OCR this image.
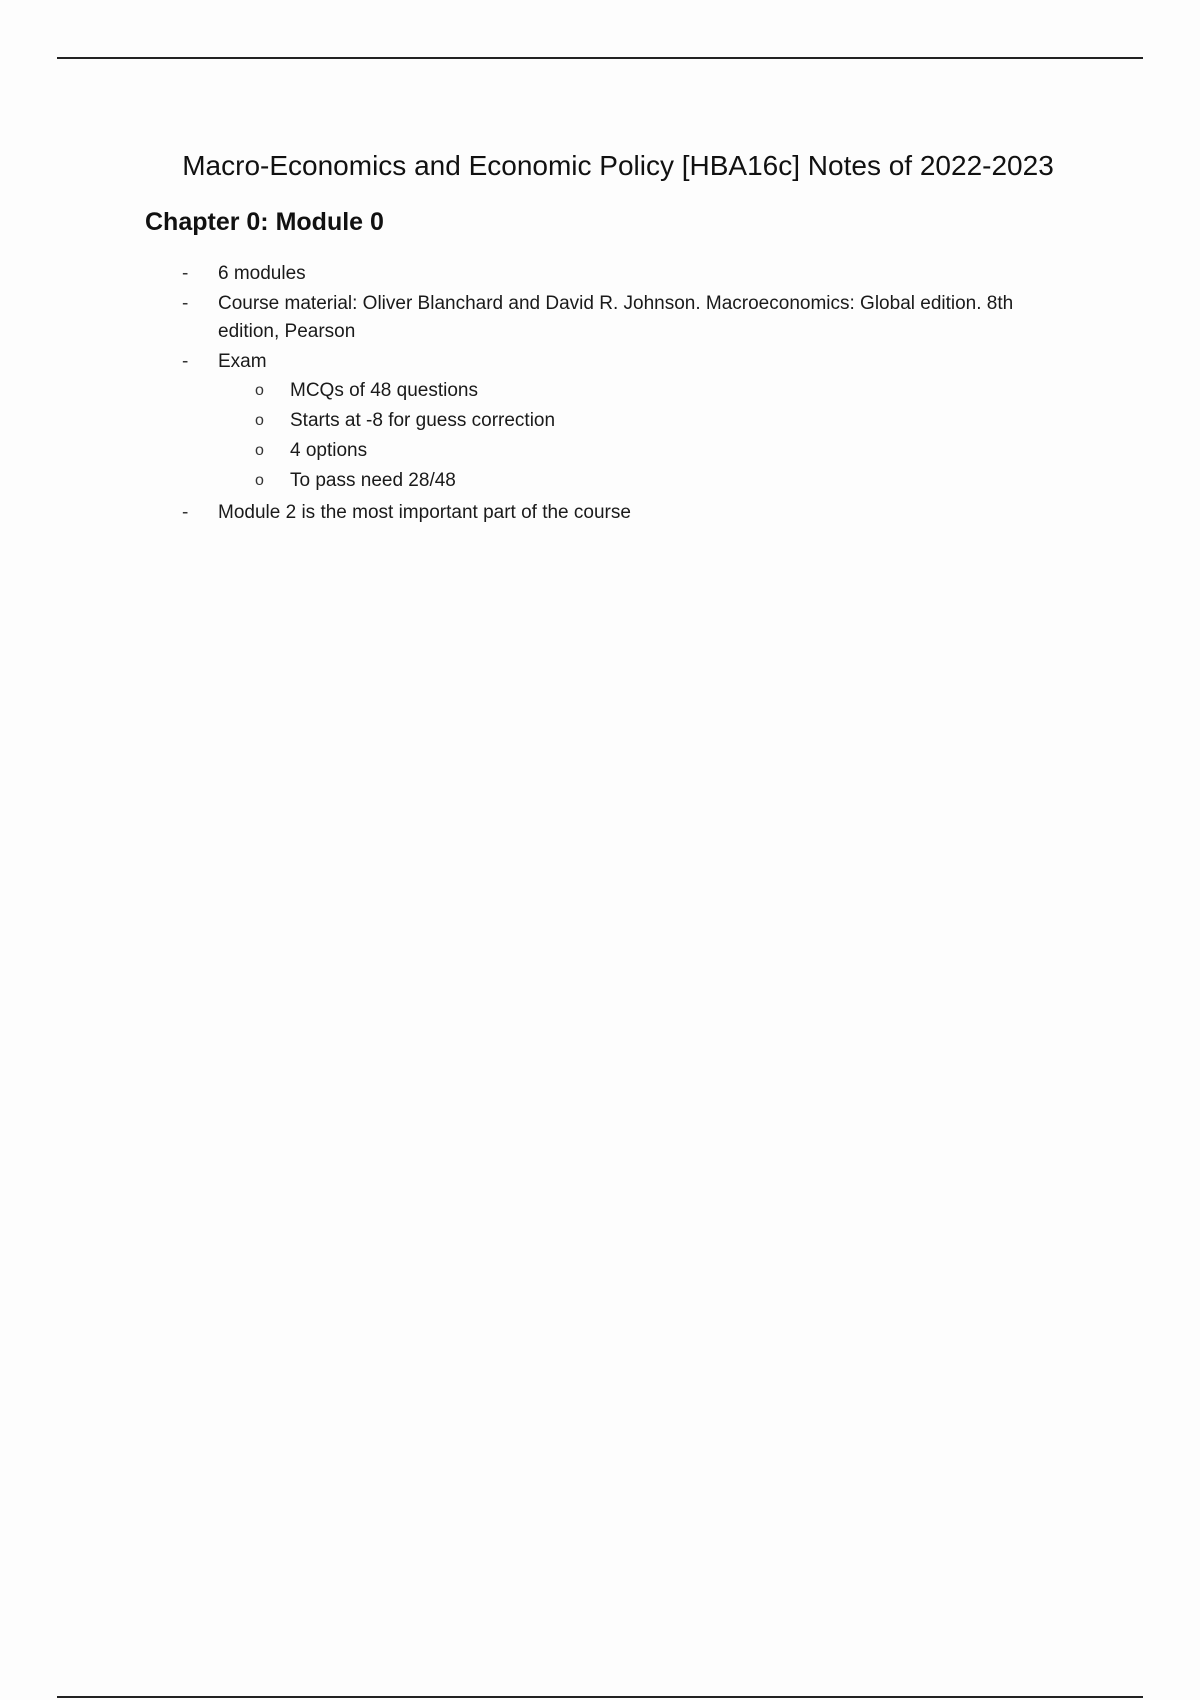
Macro-Economics and Economic Policy [HBA16c] Notes of 2022-2023
Chapter 0: Module 0
- 6 modules
- Course material: Oliver Blanchard and David R. Johnson. Macroeconomics: Global edition. 8th
edition, Pearson
- Exam
o MCQs of 48 questions
o Starts at -8 for guess correction
o 4 options
o To pass need 28/48
- Module 2 is the most important part of the course
